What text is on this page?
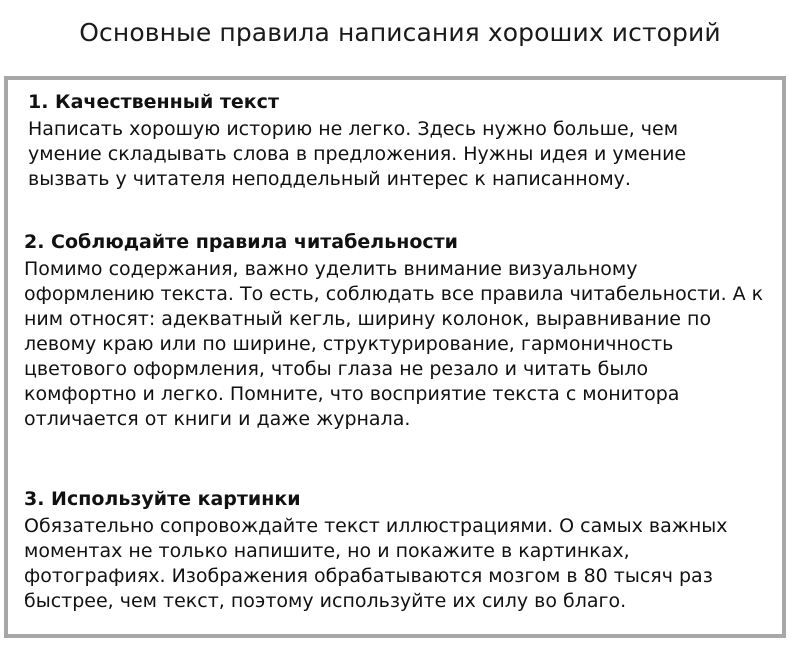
Основные правила написания хороших историй
1. Качественный текст

Написать хорошую историю не легко. Здесь нужно больше, чем умение складывать слова в предложения. Нужны идея и умение вызвать у читателя неподдельный интерес к написанному.

2. Соблюдайте правила читабельности

Помимо содержания, важно уделить внимание визуальному оформлению текста. То есть, соблюдать все правила читабельности. А к ним относят: адекватный кегль, ширину колонок, выравнивание по левому краю или по ширине, структурирование, гармоничность цветового оформления, чтобы глаза не резало и читать было комфортно и легко. Помните, что восприятие текста с монитора отличается от книги и даже журнала.

3. Используйте картинки

Обязательно сопровождайте текст иллюстрациями. О самых важных моментах не только напишите, но и покажите в картинках, фотографиях. Изображения обрабатываются мозгом в 80 тысяч раз быстрее, чем текст, поэтому используйте их силу во благо.
